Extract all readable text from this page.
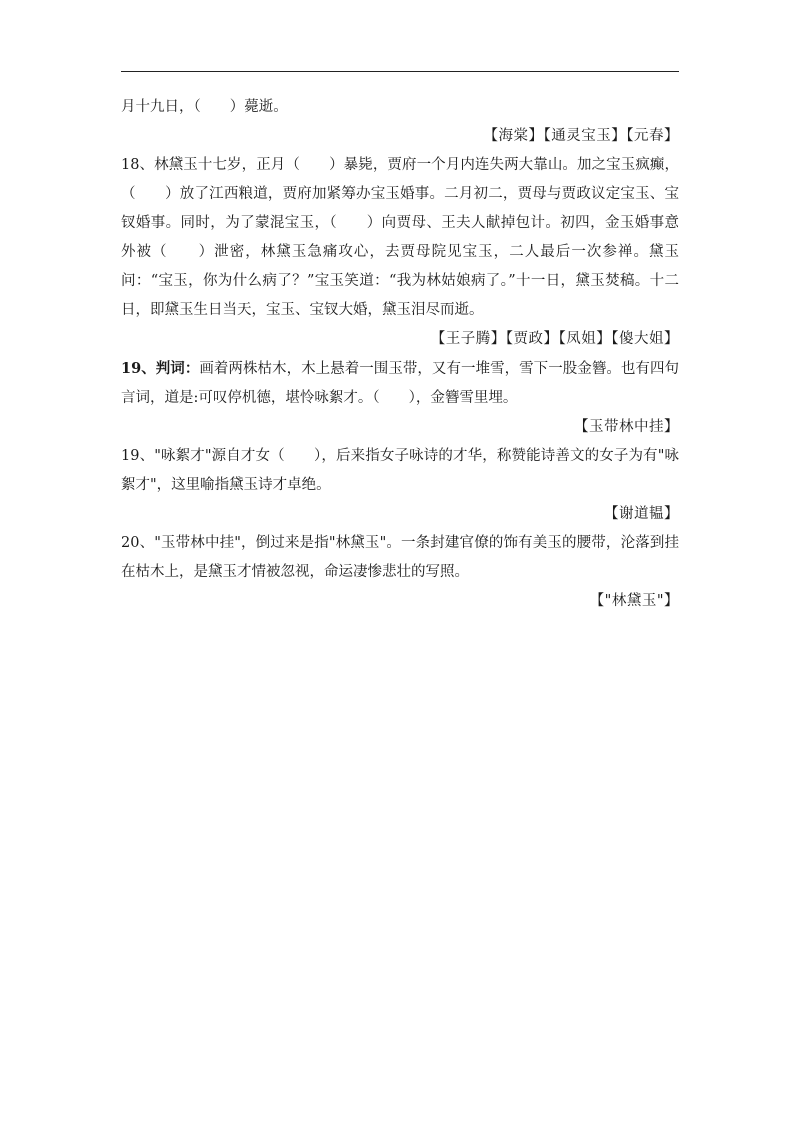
月十九日，（　　）薨逝。

【海棠】【通灵宝玉】【元春】

18、林黛玉十七岁，正月（　　）暴毙，贾府一个月内连失两大靠山。加之宝玉疯癫，（　　）放了江西粮道，贾府加紧筹办宝玉婚事。二月初二，贾母与贾政议定宝玉、宝钗婚事。同时，为了蒙混宝玉，（　　）向贾母、王夫人献掉包计。初四，金玉婚事意外被（　　）泄密，林黛玉急痛攻心，去贾母院见宝玉，二人最后一次参禅。黛玉问：“宝玉，你为什么病了？”宝玉笑道：“我为林姑娘病了。”十一日，黛玉焚稿。十二日，即黛玉生日当天，宝玉、宝钗大婚，黛玉泪尽而逝。

【王子腾】【贾政】【凤姐】【傻大姐】

19、判词：画着两株枯木，木上悬着一围玉带，又有一堆雪，雪下一股金簪。也有四句言词，道是:可叹停机德，堪怜咏絮才。（　　），金簪雪里埋。

【玉带林中挂】

19、"咏絮才"源自才女（　　），后来指女子咏诗的才华，称赞能诗善文的女子为有"咏絮才"，这里喻指黛玉诗才卓绝。

【谢道韫】

20、"玉带林中挂"，倒过来是指"林黛玉"。一条封建官僚的饰有美玉的腰带，沦落到挂在枯木上，是黛玉才情被忽视，命运凄惨悲壮的写照。

【"林黛玉"】
